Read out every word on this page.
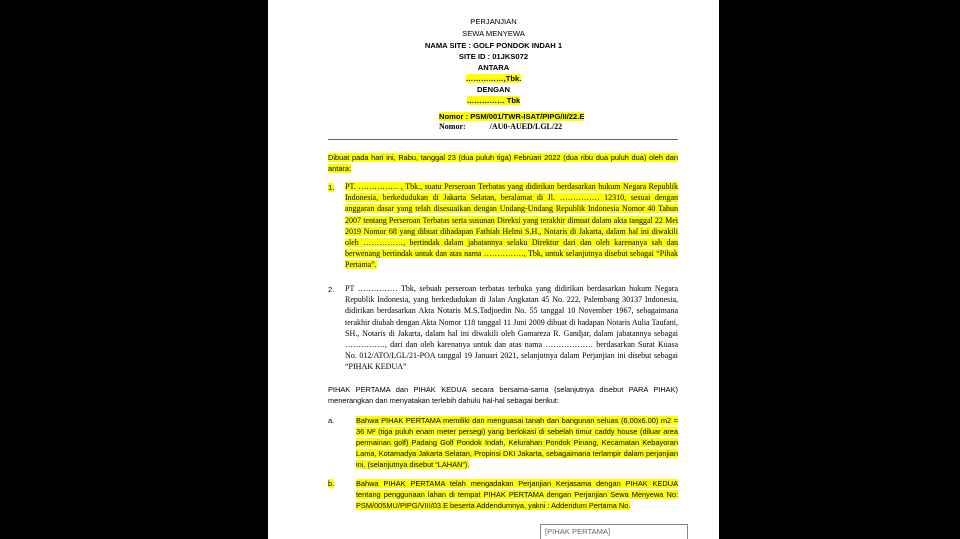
PERJANJIAN
SEWA MENYEWA
NAMA SITE : GOLF PONDOK INDAH 1
SITE ID : 01JKS072
ANTARA
……………,Tbk.
DENGAN
…………… Tbk
Nomor : PSM/001/TWR-ISAT/PIPG/II/22.E
Nomor:	/AU0-AUED/LGL/22
Dibuat pada hari ini, Rabu, tanggal 23 (dua puluh tiga) Februari 2022 (dua ribu dua puluh dua) oleh dan antara:
1. PT. …………… , Tbk., suatu Perseroan Terbatas yang didirikan berdasarkan hukum Negara Republik Indonesia, berkedudukan di Jakarta Selatan, beralamat di Jl. …………… 12310, sesuai dengan anggaran dasar yang telah disesuaikan dengan Undang-Undang Republik Indonesia Nomor 40 Tahun 2007 tentang Perseroan Terbatas serta susunan Direksi yang terakhir dimuat dalam akta tanggal 22 Mei 2019 Nomor 68 yang dibuat dihadapan Fathiah Helmi S.H., Notaris di Jakarta, dalam hal ini diwakili oleh ……………, bertindak dalam jabatannya selaku Direktur dari dan oleh karenanya sah dan berwenang bertindak untuk dan atas nama ……………, Tbk, untuk selanjutnya disebut sebagai “Pihak Pertama”.
2. PT …………… Tbk, sebuah perseroan terbatas terbuka yang didirikan berdasarkan hukum Negara Republik Indonesia, yang berkedudukan di Jalan Angkatan 45 No. 222, Palembang 30137 Indonesia, didirikan berdasarkan Akta Notaris M.S.Tadjoedin No. 55 tanggal 10 November 1967, sebagaimana terakhir diubah dengan Akta Nomor 118 tanggal 11 Juni 2009 dibuat di hadapan Notaris Aulia Taufani, SH., Notaris di Jakarta, dalam hal ini diwakili oleh Gamareza R. Gandjar, dalam jabatannya sebagai ……………, dari dan oleh karenanya untuk dan atas nama ……………… berdasarkan Surat Kuasa No. 012/ATO/LGL/21-POA tanggal 19 Januari 2021, selanjutnya dalam Perjanjian ini disebut sebagai “PIHAK KEDUA”
PIHAK PERTAMA dan PIHAK KEDUA secara bersama-sama (selanjutnya disebut PARA PIHAK) menerangkan dan menyatakan terlebih dahulu hal-hal sebagai berikut:
a.	Bahwa PIHAK PERTAMA memiliki dan menguasai tanah dan bangunan seluas (6.00x6.00) m2 = 36 M² (tiga puluh enam meter persegi) yang berlokasi di sebelah timur caddy house (diluar area permainan golf) Padang Golf Pondok Indah, Kelurahan Pondok Pinang, Kecamatan Kebayoran Lama, Kotamadya Jakarta Selatan, Propinsi DKI Jakarta, sebagaimana terlampir dalam perjanjian ini, (selanjutnya disebut “LAHAN”).
b.	Bahwa PIHAK PERTAMA telah mengadakan Perjanjian Kerjasama dengan PIHAK KEDUA tentang penggunaan lahan di tempat PIHAK PERTAMA dengan Perjanjian Sewa Menyewa No: PSM/005MU/PIPG/VIII/03.E beserta Addendumnya, yakni : Addendum Pertama No.
[PIHAK PERTAMA]
